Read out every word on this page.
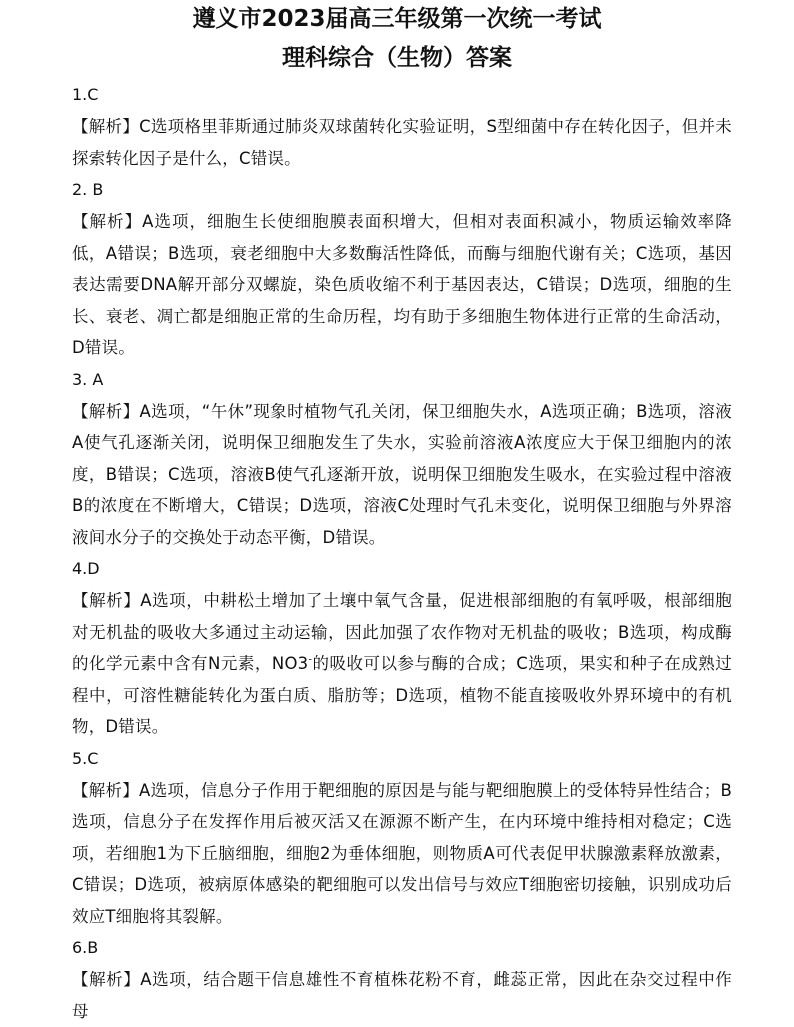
遵义市2023届高三年级第一次统一考试
理科综合（生物）答案

1.C

【解析】C选项格里菲斯通过肺炎双球菌转化实验证明，S型细菌中存在转化因子，但并未探索转化因子是什么，C错误。

2. B

【解析】A选项，细胞生长使细胞膜表面积增大，但相对表面积减小，物质运输效率降低，A错误；B选项，衰老细胞中大多数酶活性降低，而酶与细胞代谢有关；C选项，基因表达需要DNA解开部分双螺旋，染色质收缩不利于基因表达，C错误；D选项，细胞的生长、衰老、凋亡都是细胞正常的生命历程，均有助于多细胞生物体进行正常的生命活动，D错误。

3. A

【解析】A选项，“午休”现象时植物气孔关闭，保卫细胞失水，A选项正确；B选项，溶液A使气孔逐渐关闭，说明保卫细胞发生了失水，实验前溶液A浓度应大于保卫细胞内的浓度，B错误；C选项，溶液B使气孔逐渐开放，说明保卫细胞发生吸水，在实验过程中溶液B的浓度在不断增大，C错误；D选项，溶液C处理时气孔未变化，说明保卫细胞与外界溶液间水分子的交换处于动态平衡，D错误。

4.D

【解析】A选项，中耕松土增加了土壤中氧气含量，促进根部细胞的有氧呼吸，根部细胞对无机盐的吸收大多通过主动运输，因此加强了农作物对无机盐的吸收；B选项，构成酶的化学元素中含有N元素，NO3-的吸收可以参与酶的合成；C选项，果实和种子在成熟过程中，可溶性糖能转化为蛋白质、脂肪等；D选项，植物不能直接吸收外界环境中的有机物，D错误。

5.C

【解析】A选项，信息分子作用于靶细胞的原因是与能与靶细胞膜上的受体特异性结合；B选项，信息分子在发挥作用后被灭活又在源源不断产生，在内环境中维持相对稳定；C选项，若细胞1为下丘脑细胞，细胞2为垂体细胞，则物质A可代表促甲状腺激素释放激素，C错误；D选项，被病原体感染的靶细胞可以发出信号与效应T细胞密切接触，识别成功后效应T细胞将其裂解。

6.B

【解析】A选项，结合题干信息雄性不育植株花粉不育，雌蕊正常，因此在杂交过程中作母
